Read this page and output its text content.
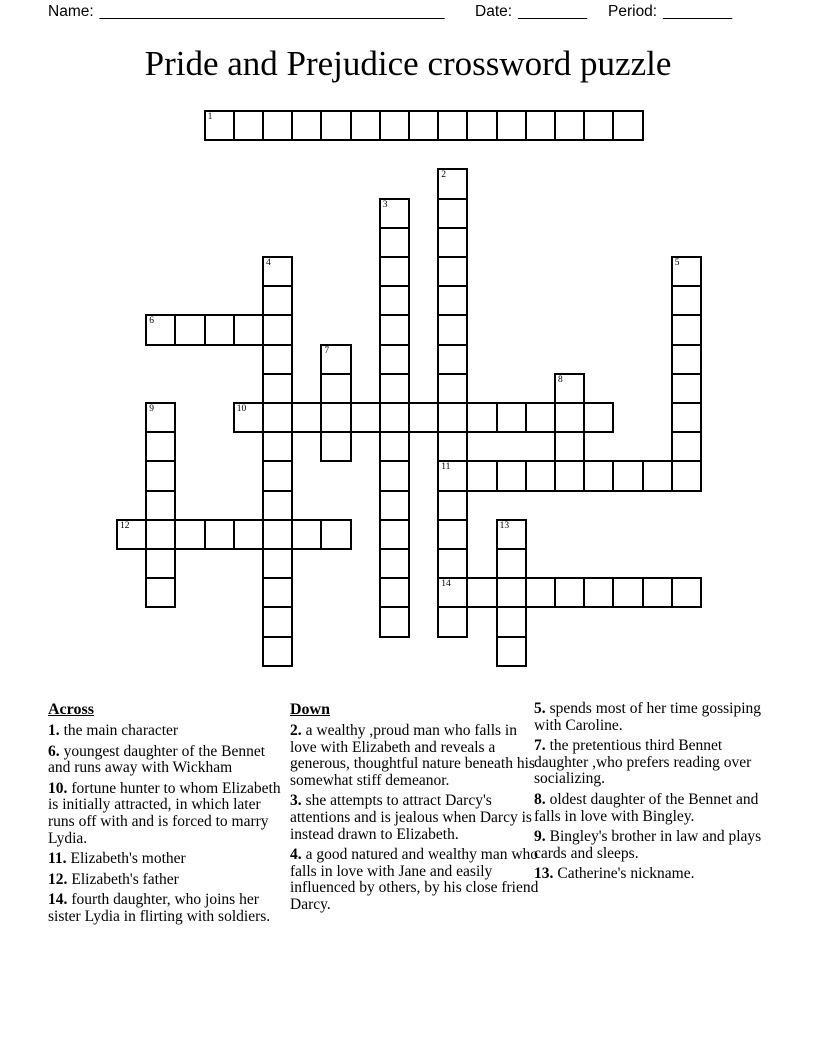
Name: ________________________________________ Date: ________ Period: ________
Pride and Prejudice crossword puzzle
1
2
11
14
3
4	5
6
7
8
9	10
12	13
Across

1. the main character

6. youngest daughter of the Bennet and runs away with Wickham

10. fortune hunter to whom Elizabeth is initially attracted, in which later runs off with and is forced to marry Lydia.

11. Elizabeth's mother

12. Elizabeth's father

14. fourth daughter, who joins her sister Lydia in flirting with soldiers.

Down

2. a wealthy ,proud man who falls in love with Elizabeth and reveals a generous, thoughtful nature beneath his somewhat stiff demeanor.

3. she attempts to attract Darcy's attentions and is jealous when Darcy is instead drawn to Elizabeth.

4. a good natured and wealthy man who falls in love with Jane and easily influenced by others, by his close friend Darcy.

5. spends most of her time gossiping with Caroline.

7. the pretentious third Bennet daughter ,who prefers reading over socializing.

8. oldest daughter of the Bennet and falls in love with Bingley.

9. Bingley's brother in law and plays cards and sleeps.

13. Catherine's nickname.
